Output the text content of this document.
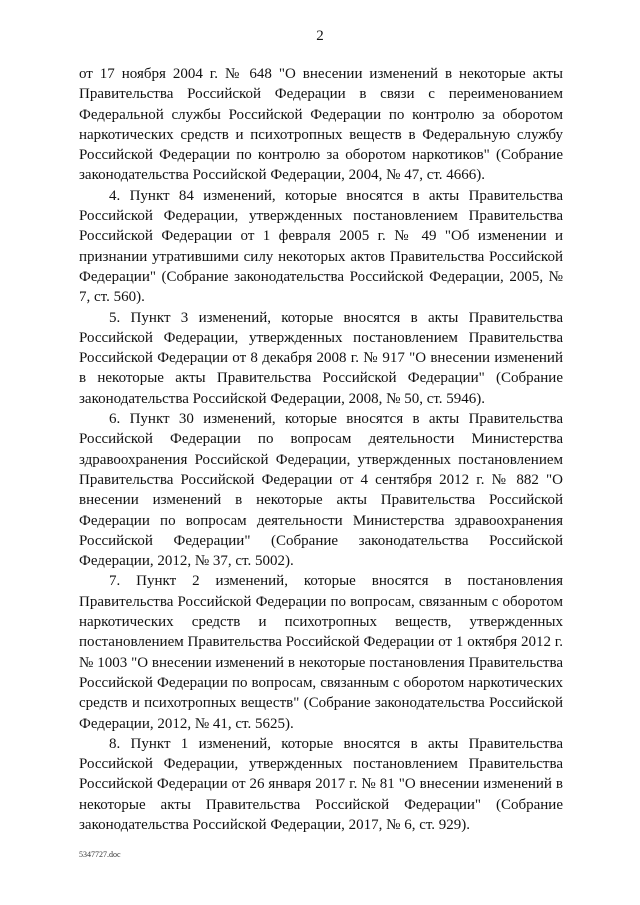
2

от 17 ноября 2004 г. № 648 "О внесении изменений в некоторые акты Правительства Российской Федерации в связи с переименованием Федеральной службы Российской Федерации по контролю за оборотом наркотических средств и психотропных веществ в Федеральную службу Российской Федерации по контролю за оборотом наркотиков" (Собрание законодательства Российской Федерации, 2004, № 47, ст. 4666).

4. Пункт 84 изменений, которые вносятся в акты Правительства Российской Федерации, утвержденных постановлением Правительства Российской Федерации от 1 февраля 2005 г. № 49 "Об изменении и признании утратившими силу некоторых актов Правительства Российской Федерации" (Собрание законодательства Российской Федерации, 2005, № 7, ст. 560).

5. Пункт 3 изменений, которые вносятся в акты Правительства Российской Федерации, утвержденных постановлением Правительства Российской Федерации от 8 декабря 2008 г. № 917 "О внесении изменений в некоторые акты Правительства Российской Федерации" (Собрание законодательства Российской Федерации, 2008, № 50, ст. 5946).

6. Пункт 30 изменений, которые вносятся в акты Правительства Российской Федерации по вопросам деятельности Министерства здравоохранения Российской Федерации, утвержденных постановлением Правительства Российской Федерации от 4 сентября 2012 г. № 882 "О внесении изменений в некоторые акты Правительства Российской Федерации по вопросам деятельности Министерства здравоохранения Российской Федерации" (Собрание законодательства Российской Федерации, 2012, № 37, ст. 5002).

7. Пункт 2 изменений, которые вносятся в постановления Правительства Российской Федерации по вопросам, связанным с оборотом наркотических средств и психотропных веществ, утвержденных постановлением Правительства Российской Федерации от 1 октября 2012 г. № 1003 "О внесении изменений в некоторые постановления Правительства Российской Федерации по вопросам, связанным с оборотом наркотических средств и психотропных веществ" (Собрание законодательства Российской Федерации, 2012, № 41, ст. 5625).

8. Пункт 1 изменений, которые вносятся в акты Правительства Российской Федерации, утвержденных постановлением Правительства Российской Федерации от 26 января 2017 г. № 81 "О внесении изменений в некоторые акты Правительства Российской Федерации" (Собрание законодательства Российской Федерации, 2017, № 6, ст. 929).

5347727.doc
